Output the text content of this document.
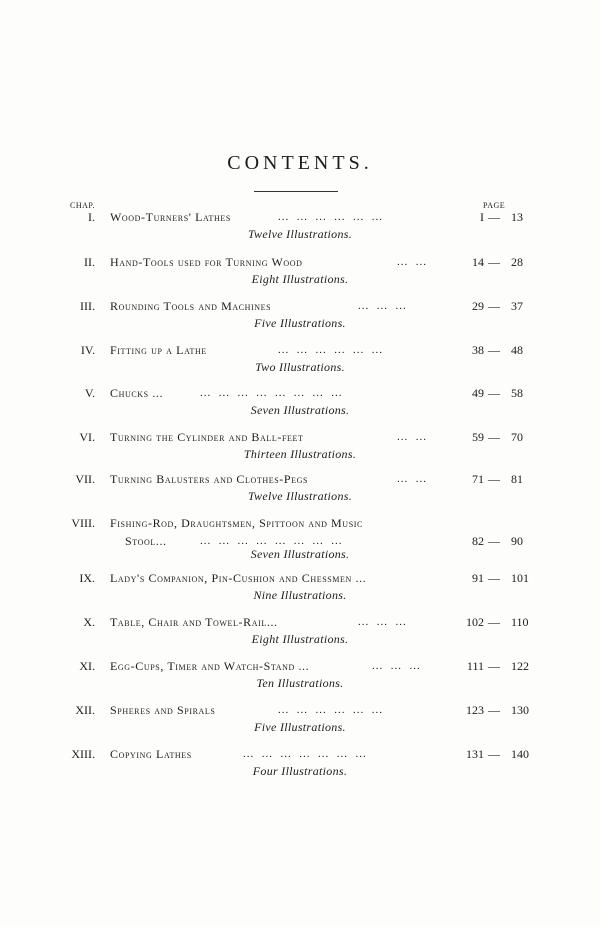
CONTENTS.
CHAP.	PAGE
I. Wood-Turners' Lathes	...  ...  ...  ...  ...  ...	I — 13
Twelve Illustrations.
II. Hand-Tools used for Turning Wood	...  ...	14 — 28
Eight Illustrations.
III. Rounding Tools and Machines	...  ...  ...	29 — 37
Five Illustrations.
IV. Fitting up a Lathe	...  ...  ...  ...  ...  ...	38 — 48
Two Illustrations.
V. Chucks ...	...  ...  ...  ...  ...  ...  ...  ...	49 — 58
Seven Illustrations.
VI. Turning the Cylinder and Ball-feet	...  ...	59 — 70
Thirteen Illustrations.
VII. Turning Balusters and Clothes-Pegs	...  ...	71 — 81
Twelve Illustrations.
VIII. Fishing-Rod, Draughtsmen, Spittoon and Music
Stool...	...  ...  ...  ...  ...  ...  ...  ...	82 — 90
Seven Illustrations.
IX. Lady's Companion, Pin-Cushion and Chessmen ...	91 — 101
Nine Illustrations.
X. Table, Chair and Towel-Rail...	...  ...  ...	102 — 110
Eight Illustrations.
XI. Egg-Cups, Timer and Watch-Stand ...	...  ...  ...	111 — 122
Ten Illustrations.
XII. Spheres and Spirals	...  ...  ...  ...  ...  ...	123 — 130
Five Illustrations.
XIII. Copying Lathes	...  ...  ...  ...  ...  ...  ...	131 — 140
Four Illustrations.
